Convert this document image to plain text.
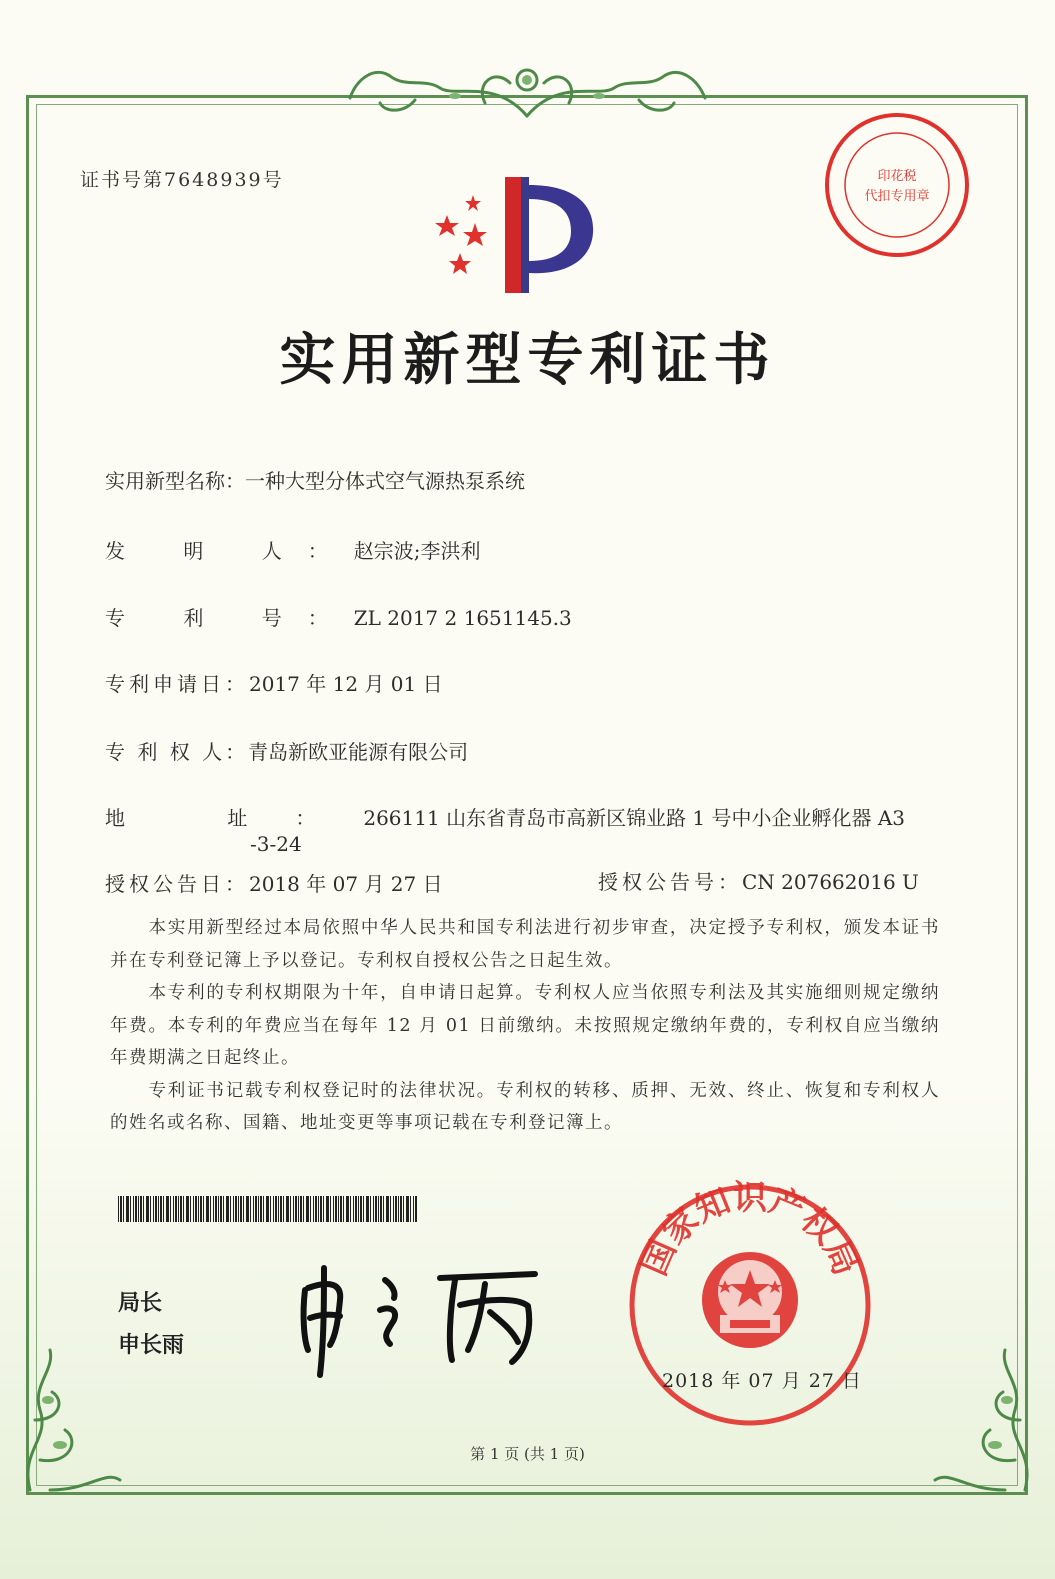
证书号第7648939号	印花税
代扣专用章
实用新型专利证书
实用新型名称：一种大型分体式空气源热泵系统
发 明 人：赵宗波;李洪利
专 利 号：ZL 2017 2 1651145.3
专利申请日：2017 年 12 月 01 日
专 利 权 人：青岛新欧亚能源有限公司
地 址：266111 山东省青岛市高新区锦业路 1 号中小企业孵化器 A3
-3-24
授权公告日：2018 年 07 月 27 日	授权公告号：CN 207662016 U

本实用新型经过本局依照中华人民共和国专利法进行初步审查，决定授予专利权，颁发本证书并在专利登记簿上予以登记。专利权自授权公告之日起生效。

本专利的专利权期限为十年，自申请日起算。专利权人应当依照专利法及其实施细则规定缴纳年费。本专利的年费应当在每年 12 月 01 日前缴纳。未按照规定缴纳年费的，专利权自应当缴纳年费期满之日起终止。

专利证书记载专利权登记时的法律状况。专利权的转移、质押、无效、终止、恢复和专利权人的姓名或名称、国籍、地址变更等事项记载在专利登记簿上。

局长
申长雨
国家知识产权局
2018 年 07 月 27 日
第 1 页 (共 1 页)
